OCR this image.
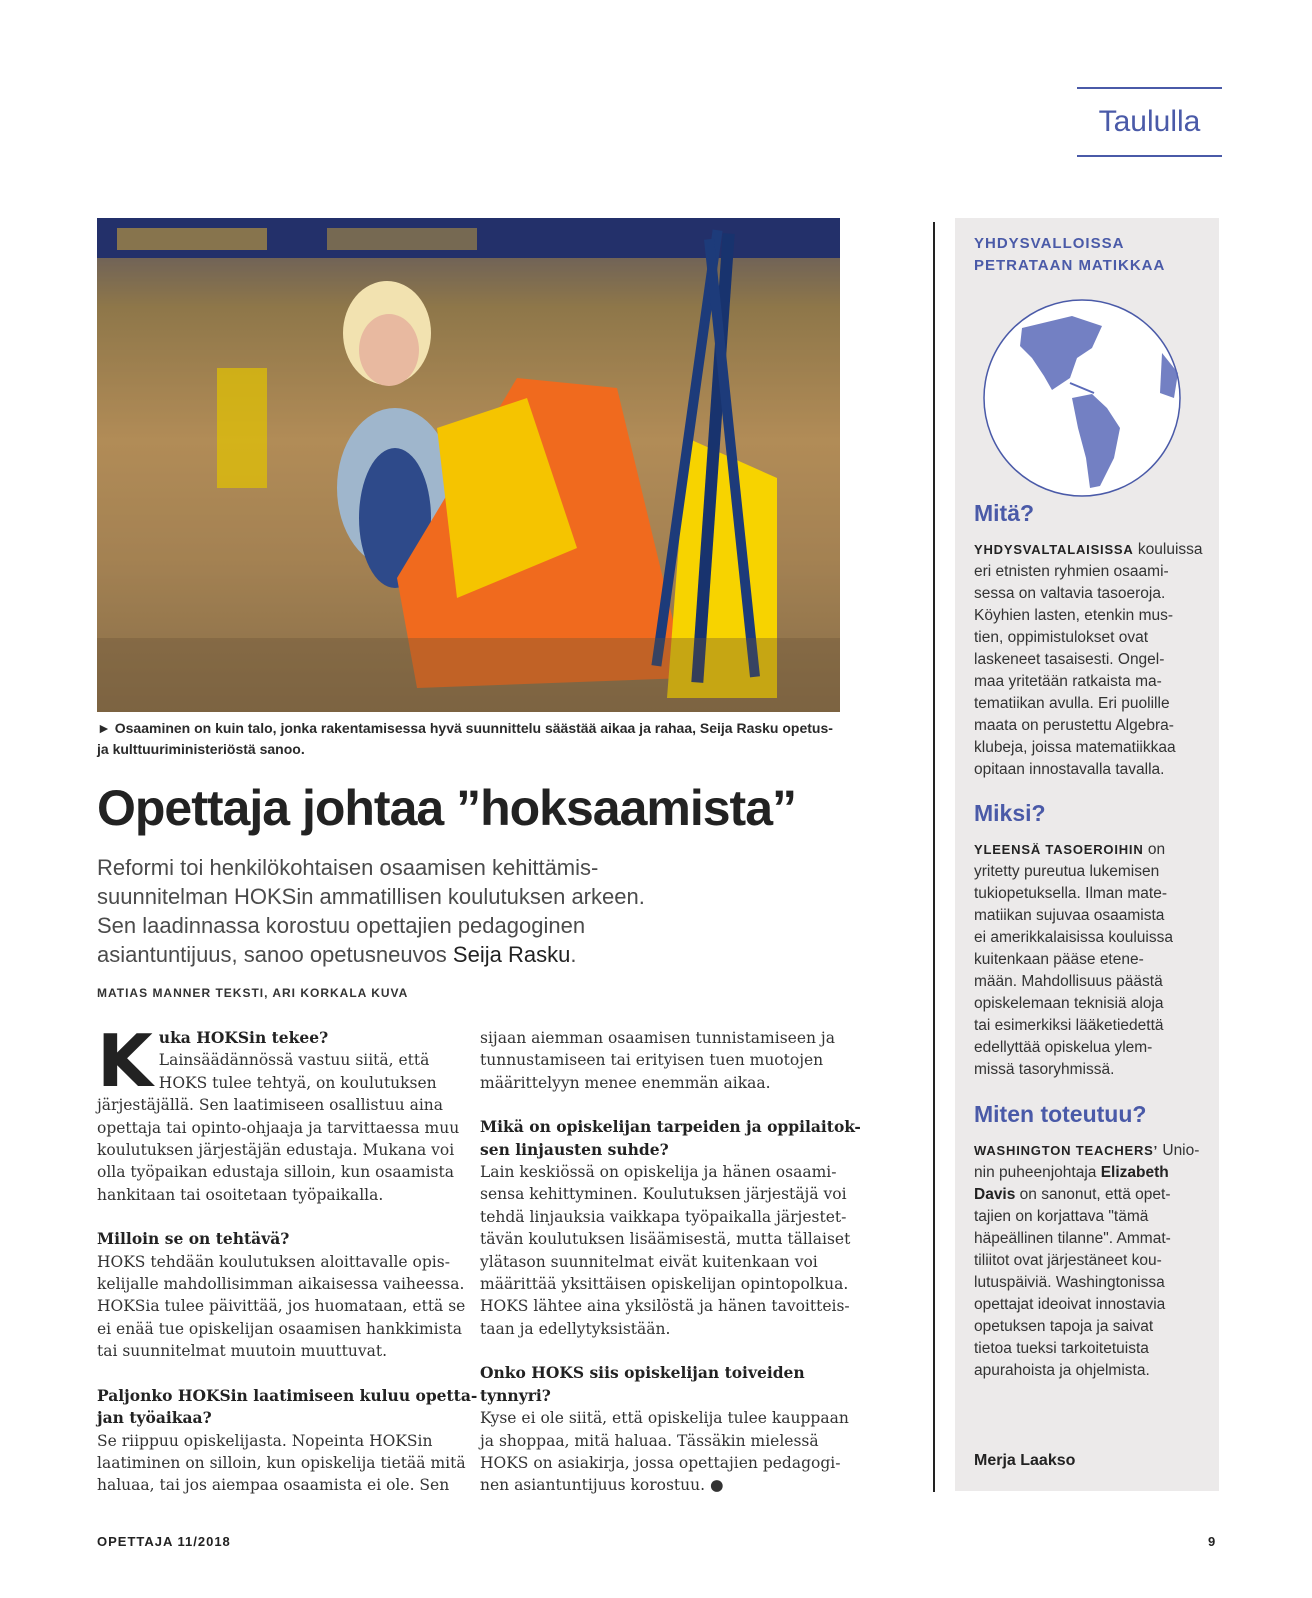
Taululla
► Osaaminen on kuin talo, jonka rakentamisessa hyvä suunnittelu säästää aikaa ja rahaa, Seija Rasku opetus- ja kulttuuriministeriöstä sanoo.
Opettaja johtaa ”hoksaamista”
Reformi toi henkilökohtaisen osaamisen kehittämis-
suunnitelman HOKSin ammatillisen koulutuksen arkeen.
Sen laadinnassa korostuu opettajien pedagoginen
asiantuntijuus, sanoo opetusneuvos Seija Rasku.
MATIAS MANNER TEKSTI, ARI KORKALA KUVA
K uka HOKSin tekee?
Lainsäädännössä vastuu siitä, että
HOKS tulee tehtyä, on koulutuksen
järjestäjällä. Sen laatimiseen osallistuu aina
opettaja tai opinto-ohjaaja ja tarvittaessa muu
koulutuksen järjestäjän edustaja. Mukana voi
olla työpaikan edustaja silloin, kun osaamista
hankitaan tai osoitetaan työpaikalla.
Milloin se on tehtävä?
HOKS tehdään koulutuksen aloittavalle opis-
kelijalle mahdollisimman aikaisessa vaiheessa.
HOKSia tulee päivittää, jos huomataan, että se
ei enää tue opiskelijan osaamisen hankkimista
tai suunnitelmat muutoin muuttuvat.
Paljonko HOKSin laatimiseen kuluu opetta-
jan työaikaa?
Se riippuu opiskelijasta. Nopeinta HOKSin
laatiminen on silloin, kun opiskelija tietää mitä
haluaa, tai jos aiempaa osaamista ei ole. Sen
sijaan aiemman osaamisen tunnistamiseen ja
tunnustamiseen tai erityisen tuen muotojen
määrittelyyn menee enemmän aikaa.
Mikä on opiskelijan tarpeiden ja oppilaitok-
sen linjausten suhde?
Lain keskiössä on opiskelija ja hänen osaami-
sensa kehittyminen. Koulutuksen järjestäjä voi
tehdä linjauksia vaikkapa työpaikalla järjestet-
tävän koulutuksen lisäämisestä, mutta tällaiset
ylätason suunnitelmat eivät kuitenkaan voi
määrittää yksittäisen opiskelijan opintopolkua.
HOKS lähtee aina yksilöstä ja hänen tavoitteis-
taan ja edellytyksistään.
Onko HOKS siis opiskelijan toiveiden
tynnyri?
Kyse ei ole siitä, että opiskelija tulee kauppaan
ja shoppaa, mitä haluaa. Tässäkin mielessä
HOKS on asiakirja, jossa opettajien pedagogi-
nen asiantuntijuus korostuu. ●
YHDYSVALLOISSA
PETRATAAN MATIKKAA
Mitä?
YHDYSVALTALAISISSA kouluissa
eri etnisten ryhmien osaami-
sessa on valtavia tasoeroja.
Köyhien lasten, etenkin mus-
tien, oppimistulokset ovat
laskeneet tasaisesti. Ongel-
maa yritetään ratkaista ma-
tematiikan avulla. Eri puolille
maata on perustettu Algebra-
klubeja, joissa matematiikkaa
opitaan innostavalla tavalla.
Miksi?
YLEENSÄ TASOEROIHIN on
yritetty pureutua lukemisen
tukiopetuksella. Ilman mate-
matiikan sujuvaa osaamista
ei amerikkalaisissa kouluissa
kuitenkaan pääse etene-
mään. Mahdollisuus päästä
opiskelemaan teknisiä aloja
tai esimerkiksi lääketiedettä
edellyttää opiskelua ylem-
missä tasoryhmissä.
Miten toteutuu?
WASHINGTON TEACHERS’ Unio-
nin puheenjohtaja Elizabeth
Davis on sanonut, että opet-
tajien on korjattava "tämä
häpeällinen tilanne". Ammat-
tiliitot ovat järjestäneet kou-
lutuspäiviä. Washingtonissa
opettajat ideoivat innostavia
opetuksen tapoja ja saivat
tietoa tueksi tarkoitetuista
apurahoista ja ohjelmista.
Merja Laakso
OPETTAJA 11/2018	9
